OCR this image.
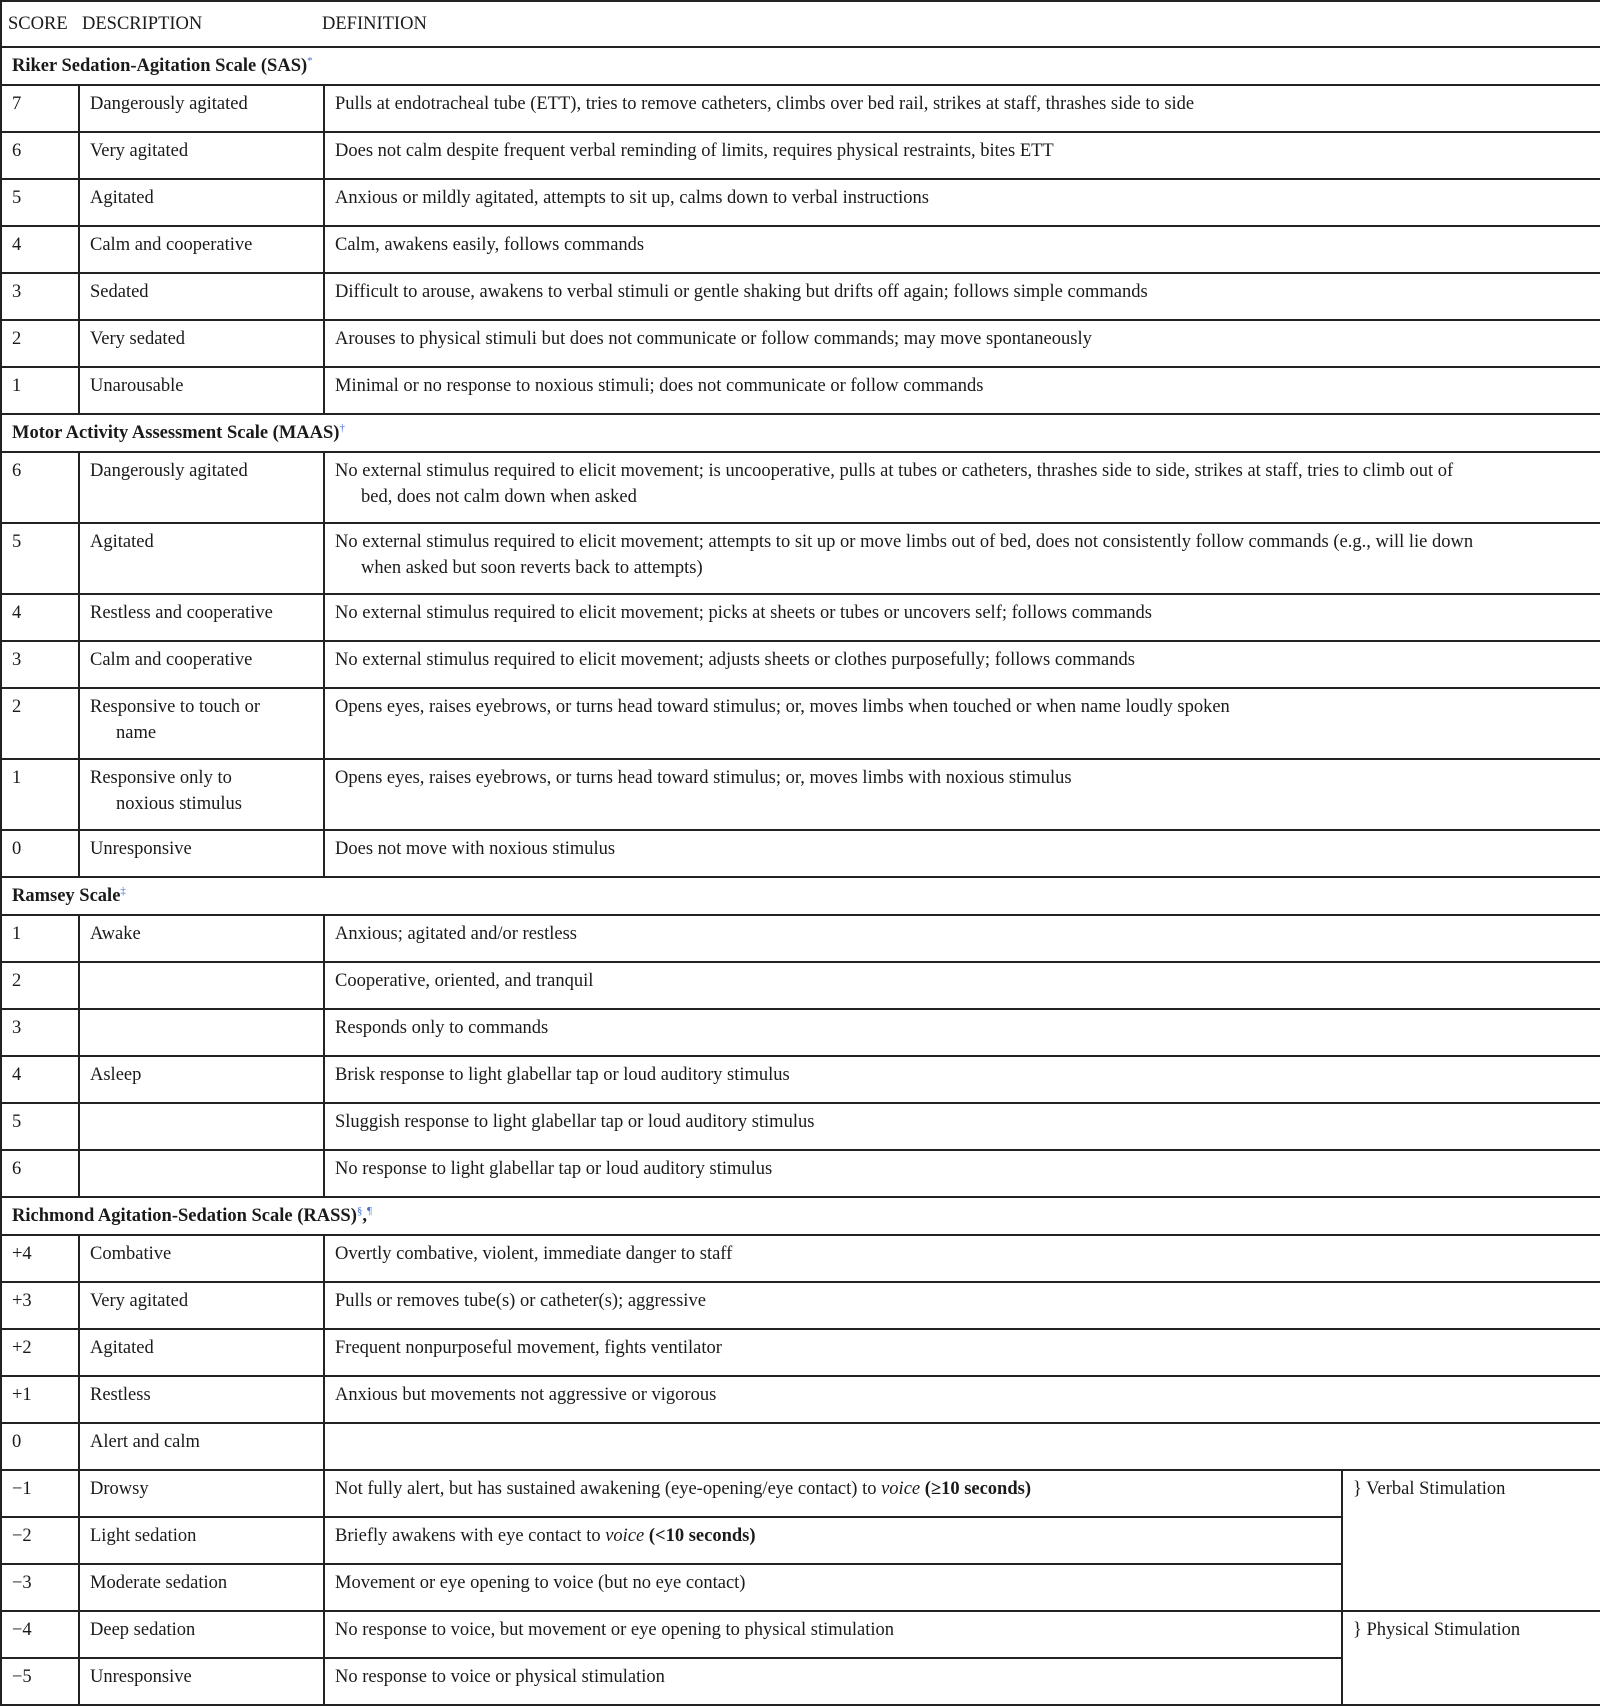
SCORE DESCRIPTION DEFINITION			
Riker Sedation-Agitation Scale (SAS)*
7	Dangerously agitated	Pulls at endotracheal tube (ETT), tries to remove catheters, climbs over bed rail, strikes at staff, thrashes side to side	
6	Very agitated	Does not calm despite frequent verbal reminding of limits, requires physical restraints, bites ETT	
5	Agitated	Anxious or mildly agitated, attempts to sit up, calms down to verbal instructions	
4	Calm and cooperative	Calm, awakens easily, follows commands	
3	Sedated	Difficult to arouse, awakens to verbal stimuli or gentle shaking but drifts off again; follows simple commands	
2	Very sedated	Arouses to physical stimuli but does not communicate or follow commands; may move spontaneously	
1	Unarousable	Minimal or no response to noxious stimuli; does not communicate or follow commands	
Motor Activity Assessment Scale (MAAS)†
6	Dangerously agitated	No external stimulus required to elicit movement; is uncooperative, pulls at tubes or catheters, thrashes side to side, strikes at staff, tries to climb out of
bed, does not calm down when asked	

5	Agitated	No external stimulus required to elicit movement; attempts to sit up or move limbs out of bed, does not consistently follow commands (e.g., will lie down
when asked but soon reverts back to attempts)	

4	Restless and cooperative	No external stimulus required to elicit movement; picks at sheets or tubes or uncovers self; follows commands	
3	Calm and cooperative	No external stimulus required to elicit movement; adjusts sheets or clothes purposefully; follows commands	
2	Responsive to touch or
name	Opens eyes, raises eyebrows, or turns head toward stimulus; or, moves limbs when touched or when name loudly spoken	
1	Responsive only to
noxious stimulus	Opens eyes, raises eyebrows, or turns head toward stimulus; or, moves limbs with noxious stimulus	
0	Unresponsive	Does not move with noxious stimulus	
Ramsey Scale‡
1	Awake	Anxious; agitated and/or restless	
2		Cooperative, oriented, and tranquil	
3		Responds only to commands	
4	Asleep	Brisk response to light glabellar tap or loud auditory stimulus	
5		Sluggish response to light glabellar tap or loud auditory stimulus	
6		No response to light glabellar tap or loud auditory stimulus	
Richmond Agitation-Sedation Scale (RASS)§,¶
+4	Combative	Overtly combative, violent, immediate danger to staff	
+3	Very agitated	Pulls or removes tube(s) or catheter(s); aggressive	
+2	Agitated	Frequent nonpurposeful movement, fights ventilator	
+1	Restless	Anxious but movements not aggressive or vigorous	
0	Alert and calm		
−1	Drowsy	Not fully alert, but has sustained awakening (eye-opening/eye contact) to voice (≥10 seconds)	} Verbal Stimulation
−2	Light sedation	Briefly awakens with eye contact to voice (<10 seconds)	
−3	Moderate sedation	Movement or eye opening to voice (but no eye contact)	
−4	Deep sedation	No response to voice, but movement or eye opening to physical stimulation	} Physical Stimulation
−5	Unresponsive	No response to voice or physical stimulation	
